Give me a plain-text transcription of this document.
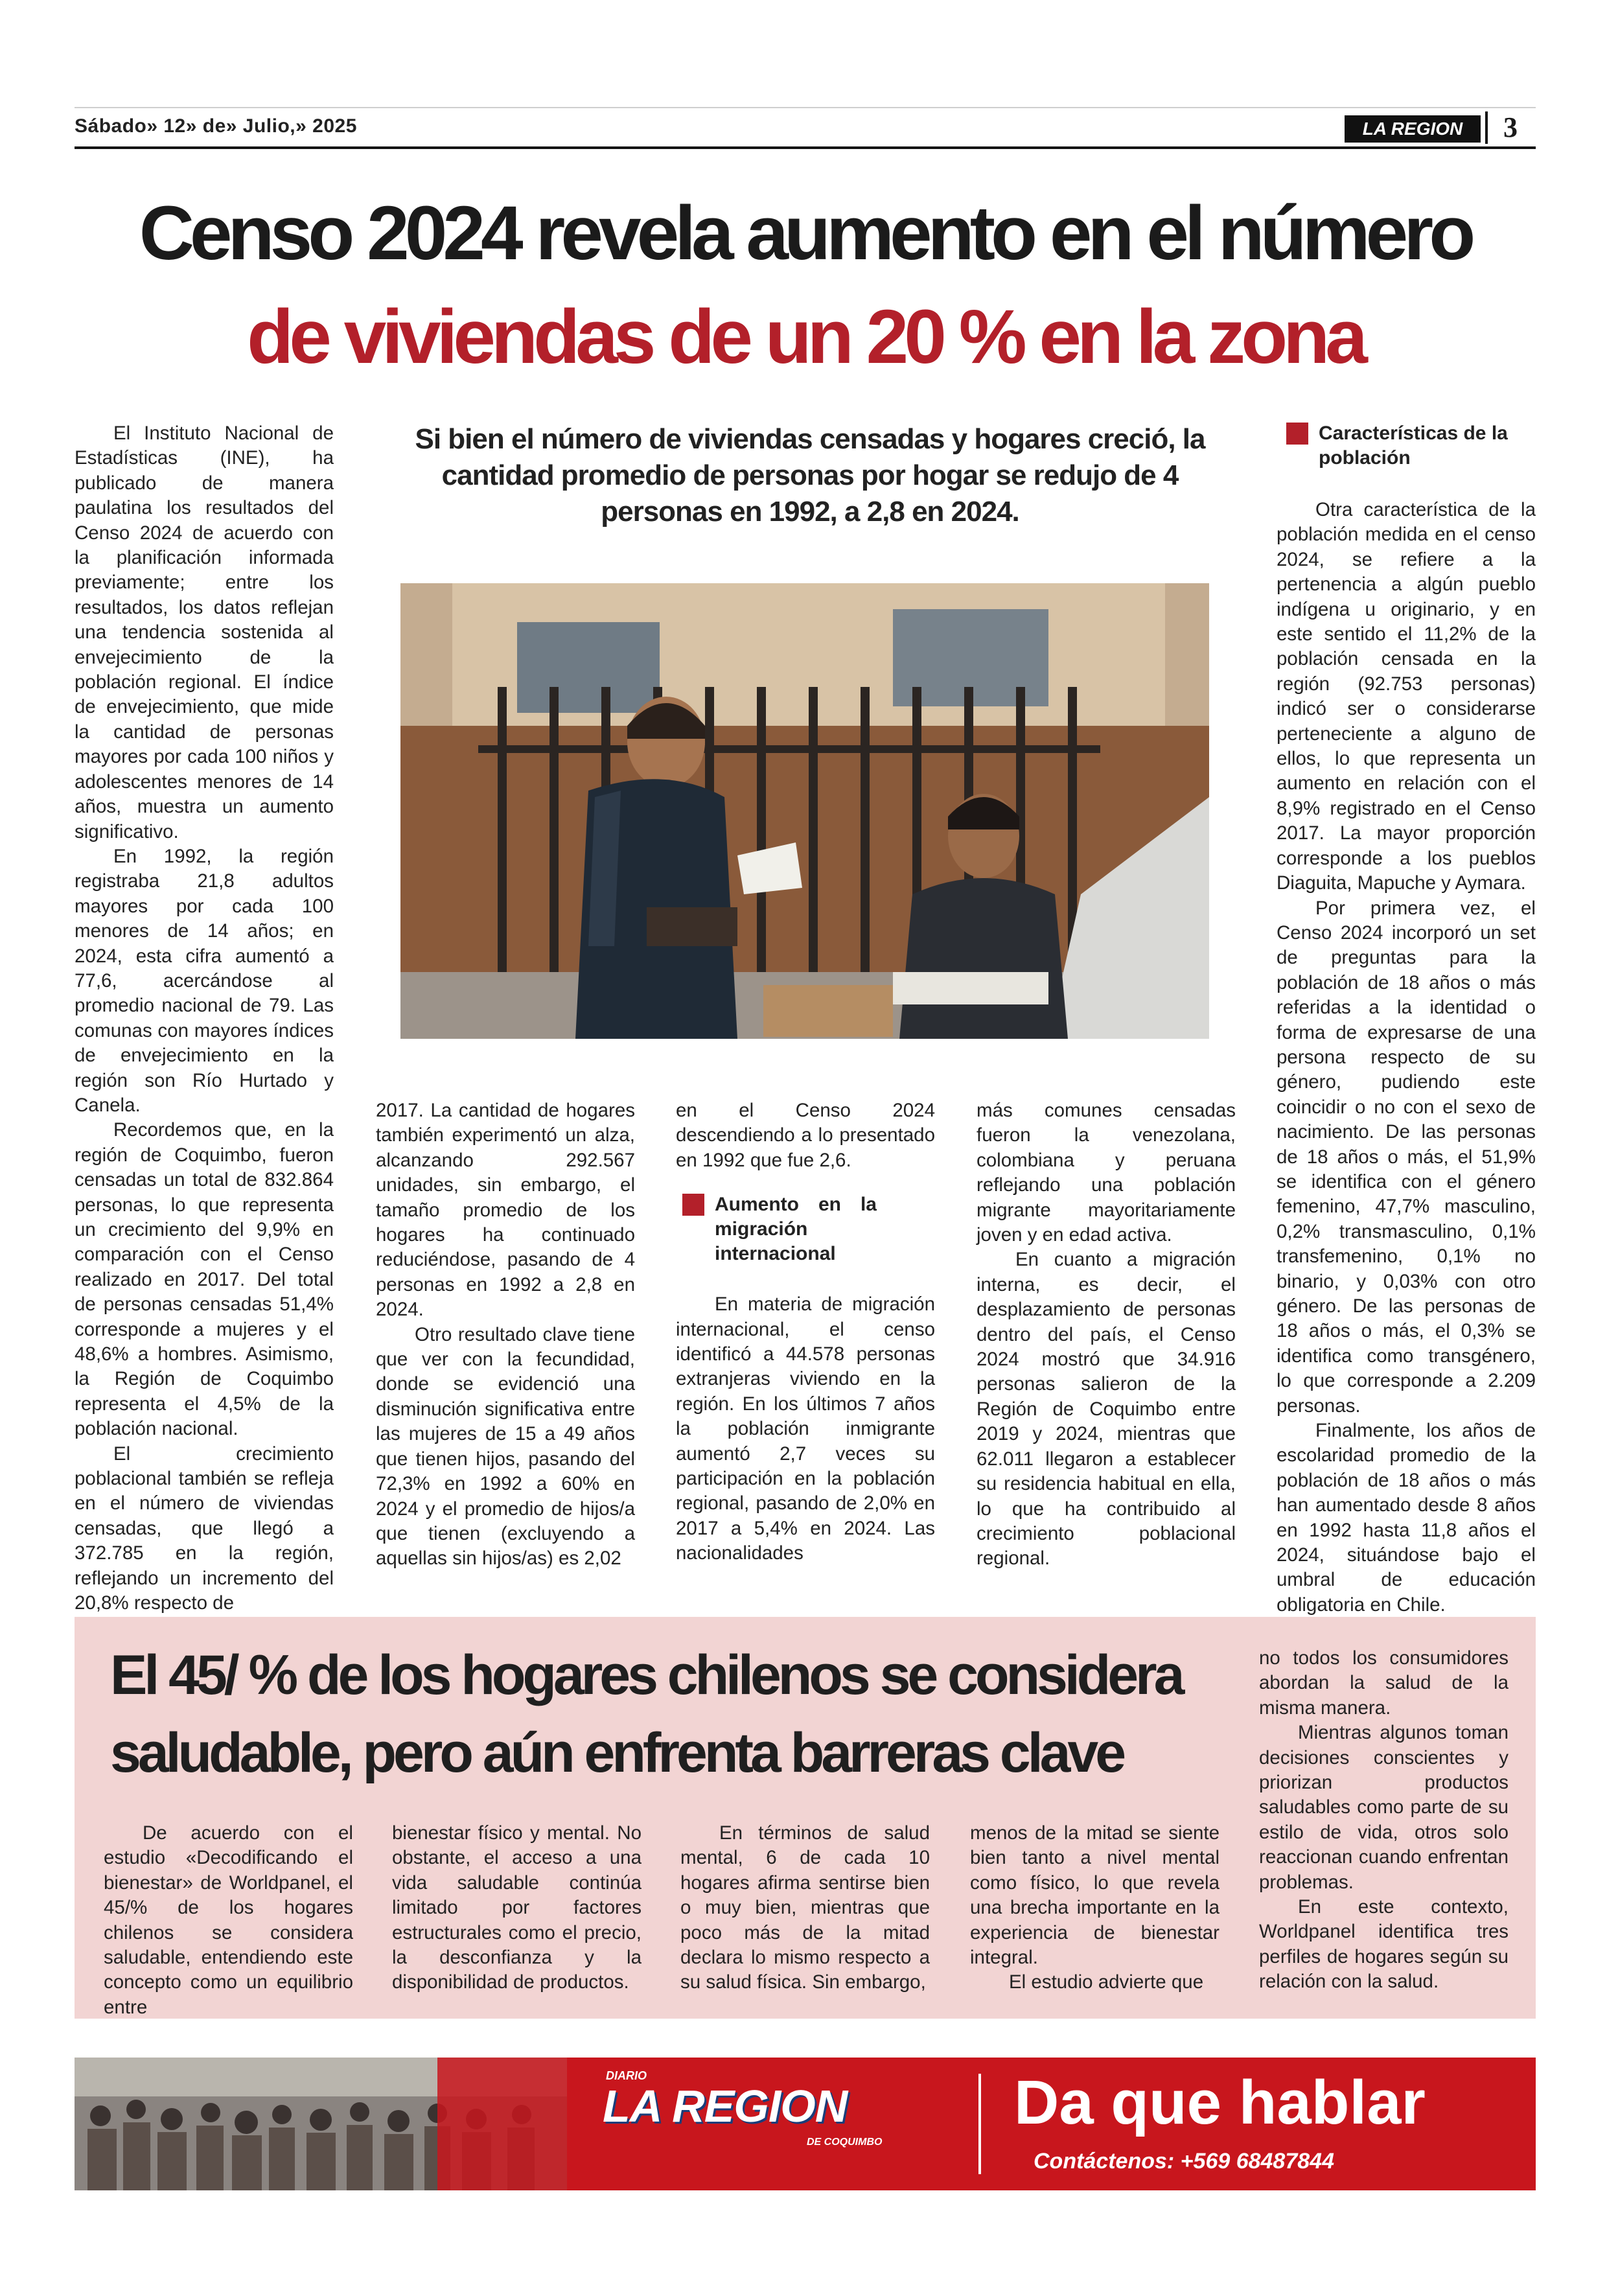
Sábado» 12» de» Julio,» 2025	LA REGION	3
Censo 2024 revela aumento en el número
de viviendas de un 20 % en la zona

El Instituto Nacional de Estadísticas (INE), ha publicado de manera paulatina los resultados del Censo 2024 de acuerdo con la planificación informada previamente; entre los resultados, los datos reflejan una tendencia sostenida al envejecimiento de la población regional. El índice de envejecimiento, que mide la cantidad de personas mayores por cada 100 niños y adolescentes menores de 14 años, muestra un aumento significativo.

En 1992, la región registraba 21,8 adultos mayores por cada 100 menores de 14 años; en 2024, esta cifra aumentó a 77,6, acercándose al promedio nacional de 79. Las comunas con mayores índices de envejecimiento en la región son Río Hurtado y Canela.

Recordemos que, en la región de Coquimbo, fueron censadas un total de 832.864 personas, lo que representa un crecimiento del 9,9% en comparación con el Censo realizado en 2017. Del total de personas censadas 51,4% corresponde a mujeres y el 48,6% a hombres. Asimismo, la Región de Coquimbo representa el 4,5% de la población nacional.

El crecimiento poblacional también se refleja en el número de viviendas censadas, que llegó a 372.785 en la región, reflejando un incremento del 20,8% respecto de

Si bien el número de viviendas censadas y hogares creció, la cantidad promedio de personas por hogar se redujo de 4 personas en 1992, a 2,8 en 2024.

2017. La cantidad de hogares también experimentó un alza, alcanzando 292.567 unidades, sin embargo, el tamaño promedio de los hogares ha continuado reduciéndose, pasando de 4 personas en 1992 a 2,8 en 2024.

Otro resultado clave tiene que ver con la fecundidad, donde se evidenció una disminución significativa entre las mujeres de 15 a 49 años que tienen hijos, pasando del 72,3% en 1992 a 60% en 2024 y el promedio de hijos/a que tienen (excluyendo a aquellas sin hijos/as) es 2,02

en el Censo 2024 descendiendo a lo presentado en 1992 que fue 2,6.

Aumento en la migración internacional

En materia de migración internacional, el censo identificó a 44.578 personas extranjeras viviendo en la región. En los últimos 7 años la población inmigrante aumentó 2,7 veces su participación en la población regional, pasando de 2,0% en 2017 a 5,4% en 2024. Las nacionalidades

más comunes censadas fueron la venezolana, colombiana y peruana reflejando una población migrante mayoritariamente joven y en edad activa.

En cuanto a migración interna, es decir, el desplazamiento de personas dentro del país, el Censo 2024 mostró que 34.916 personas salieron de la Región de Coquimbo entre 2019 y 2024, mientras que 62.011 llegaron a establecer su residencia habitual en ella, lo que ha contribuido al crecimiento poblacional regional.

Características de la población

Otra característica de la población medida en el censo 2024, se refiere a la pertenencia a algún pueblo indígena u originario, y en este sentido el 11,2% de la población censada en la región (92.753 personas) indicó ser o considerarse perteneciente a alguno de ellos, lo que representa un aumento en relación con el 8,9% registrado en el Censo 2017. La mayor proporción corresponde a los pueblos Diaguita, Mapuche y Aymara.

Por primera vez, el Censo 2024 incorporó un set de preguntas para la población de 18 años o más referidas a la identidad o forma de expresarse de una persona respecto de su género, pudiendo este coincidir o no con el sexo de nacimiento. De las personas de 18 años o más, el 51,9% se identifica con el género femenino, 47,7% masculino, 0,2% transmasculino, 0,1% transfemenino, 0,1% no binario, y 0,03% con otro género. De las personas de 18 años o más, el 0,3% se identifica como transgénero, lo que corresponde a 2.209 personas.

Finalmente, los años de escolaridad promedio de la población de 18 años o más han aumentado desde 8 años en 1992 hasta 11,8 años el 2024, situándose bajo el umbral de educación obligatoria en Chile.

El 45/ % de los hogares chilenos se considera
saludable, pero aún enfrenta barreras clave

De acuerdo con el estudio «Decodificando el bienestar» de Worldpanel, el 45/% de los hogares chilenos se considera saludable, entendiendo este concepto como un equilibrio entre

bienestar físico y mental. No obstante, el acceso a una vida saludable continúa limitado por factores estructurales como el precio, la desconfianza y la disponibilidad de productos.

En términos de salud mental, 6 de cada 10 hogares afirma sentirse bien o muy bien, mientras que poco más de la mitad declara lo mismo respecto a su salud física. Sin embargo,

menos de la mitad se siente bien tanto a nivel mental como físico, lo que revela una brecha importante en la experiencia de bienestar integral.

El estudio advierte que

no todos los consumidores abordan la salud de la misma manera.

Mientras algunos toman decisiones conscientes y priorizan productos saludables como parte de su estilo de vida, otros solo reaccionan cuando enfrentan problemas.

En este contexto, Worldpanel identifica tres perfiles de hogares según su relación con la salud.

DIARIO
LA REGION
DE COQUIMBO
Da que hablar
Contáctenos: +569 68487844
